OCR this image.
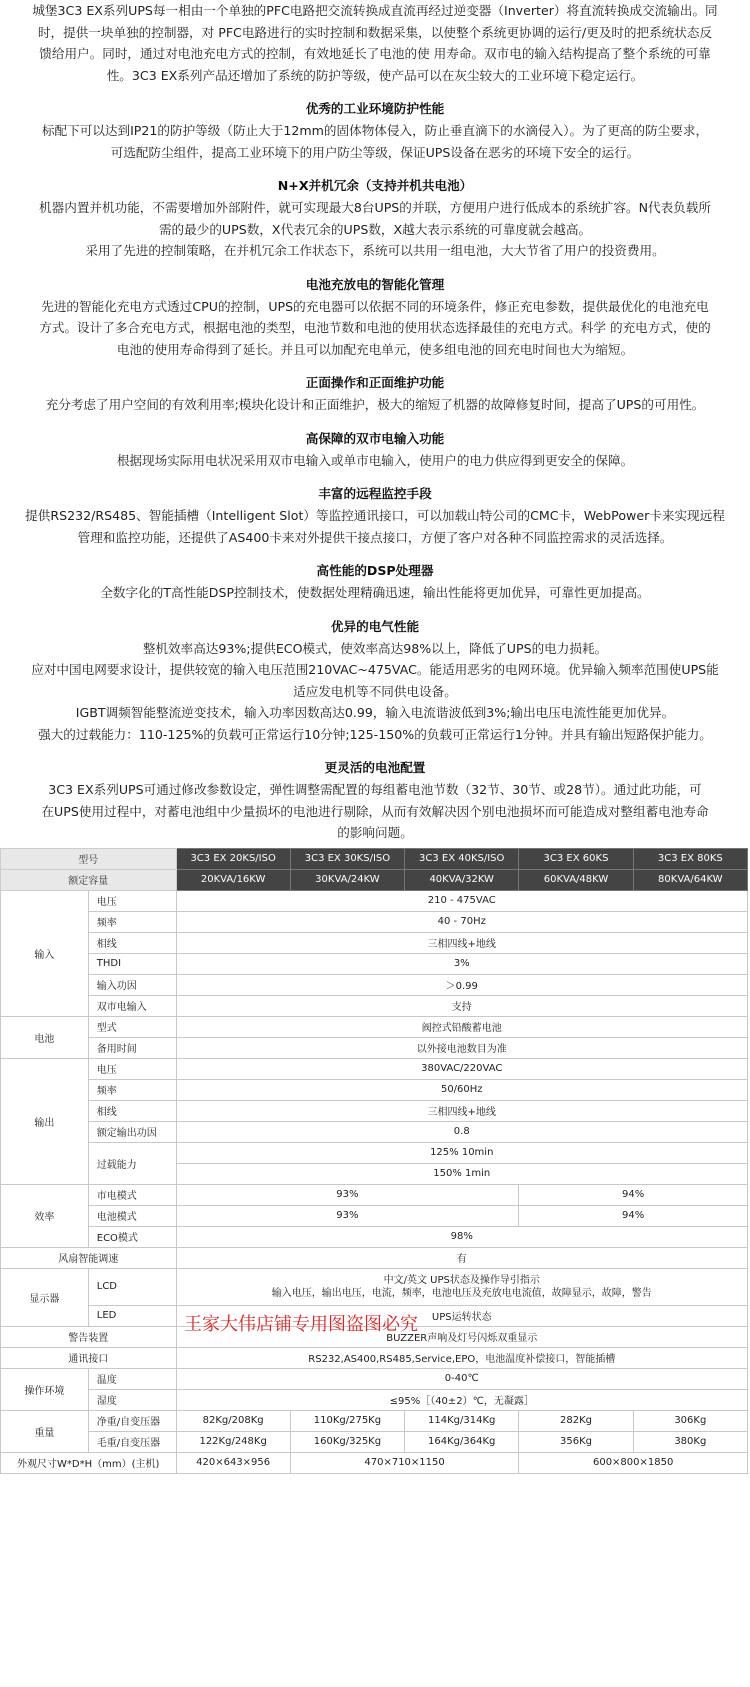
城堡3C3 EX系列UPS每一相由一个单独的PFC电路把交流转换成直流再经过逆变器（Inverter）将直流转换成交流输出。同
时，提供一块单独的控制器，对 PFC电路进行的实时控制和数据采集，以使整个系统更协调的运行/更及时的把系统状态反
馈给用户。同时，通过对电池充电方式的控制，有效地延长了电池的使 用寿命。双市电的输入结构提高了整个系统的可靠
性。3C3 EX系列产品还增加了系统的防护等级，使产品可以在灰尘较大的工业环境下稳定运行。
优秀的工业环境防护性能
标配下可以达到IP21的防护等级（防止大于12mm的固体物体侵入，防止垂直滴下的水滴侵入）。为了更高的防尘要求，
可选配防尘组件，提高工业环境下的用户防尘等级，保证UPS设备在恶劣的环境下安全的运行。
N+X并机冗余（支持并机共电池）
机器内置并机功能，不需要增加外部附件，就可实现最大8台UPS的并联，方便用户进行低成本的系统扩容。N代表负载所
需的最少的UPS数，X代表冗余的UPS数，X越大表示系统的可靠度就会越高。
采用了先进的控制策略，在并机冗余工作状态下，系统可以共用一组电池，大大节省了用户的投资费用。
电池充放电的智能化管理
先进的智能化充电方式透过CPU的控制，UPS的充电器可以依据不同的环境条件，修正充电参数，提供最优化的电池充电
方式。设计了多合充电方式，根据电池的类型，电池节数和电池的使用状态选择最佳的充电方式。科学 的充电方式，使的
电池的使用寿命得到了延长。并且可以加配充电单元，使多组电池的回充电时间也大为缩短。
正面操作和正面维护功能
充分考虑了用户空间的有效利用率;模块化设计和正面维护，极大的缩短了机器的故障修复时间，提高了UPS的可用性。
高保障的双市电输入功能
根据现场实际用电状况采用双市电输入或单市电输入，使用户的电力供应得到更安全的保障。
丰富的远程监控手段
提供RS232/RS485、智能插槽（Intelligent Slot）等监控通讯接口，可以加载山特公司的CMC卡，WebPower卡来实现远程
管理和监控功能，还提供了AS400卡来对外提供干接点接口，方便了客户对各种不同监控需求的灵活选择。
高性能的DSP处理器
全数字化的T高性能DSP控制技术，使数据处理精确迅速，输出性能将更加优异，可靠性更加提高。
优异的电气性能
整机效率高达93%;提供ECO模式，使效率高达98%以上，降低了UPS的电力损耗。
应对中国电网要求设计，提供较宽的输入电压范围210VAC~475VAC。能适用恶劣的电网环境。优异输入频率范围使UPS能
适应发电机等不同供电设备。
IGBT调频智能整流逆变技术，输入功率因数高达0.99，输入电流谐波低到3%;输出电压电流性能更加优异。
强大的过载能力：110-125%的负载可正常运行10分钟;125-150%的负载可正常运行1分钟。并具有输出短路保护能力。
更灵活的电池配置
3C3 EX系列UPS可通过修改参数设定，弹性调整需配置的每组蓄电池节数（32节、30节、或28节）。通过此功能，可
在UPS使用过程中，对蓄电池组中少量损坏的电池进行剔除，从而有效解决因个别电池损坏而可能造成对整组蓄电池寿命
的影响问题。
型号		3C3 EX 20KS/ISO	3C3 EX 30KS/ISO	3C3 EX 40KS/ISO	3C3 EX 60KS	3C3 EX 80KS
额定容量		20KVA/16KW	30KVA/24KW	40KVA/32KW	60KVA/48KW	80KVA/64KW
输入	电压	210 - 475VAC				
	频率	40 - 70Hz				
	相线	三相四线+地线				
	THDI	3%				
	输入功因	＞0.99				
	双市电输入	支持				
电池	型式	阀控式铅酸蓄电池				
	备用时间	以外接电池数目为准				
输出	电压	380VAC/220VAC				
	频率	50/60Hz				
	相线	三相四线+地线				
	额定输出功因	0.8				
	过载能力	125% 10min				
		150% 1min				
效率	市电模式	93%			94%	
	电池模式	93%			94%	
	ECO模式	98%				
风扇智能调速		有				
显示器	LCD	中文/英文 UPS状态及操作导引指示
输入电压，输出电压，电流，频率，电池电压及充放电电流值，故障显示，故障，警告				

	LED	UPS运转状态				
警告装置		BUZZER声响及灯号闪烁双重显示				
通讯接口		RS232,AS400,RS485,Service,EPO，电池温度补偿接口，智能插槽				
操作环境	温度	0-40℃				
	湿度	≤95%［（40±2）℃，无凝露］				
重量	净重/自变压器	82Kg/208Kg	110Kg/275Kg	114Kg/314Kg	282Kg	306Kg
	毛重/自变压器	122Kg/248Kg	160Kg/325Kg	164Kg/364Kg	356Kg	380Kg
外观尺寸W*D*H（mm）(主机)		420×643×956	470×710×1150		600×800×1850	
王家大伟店铺专用图盗图必究
